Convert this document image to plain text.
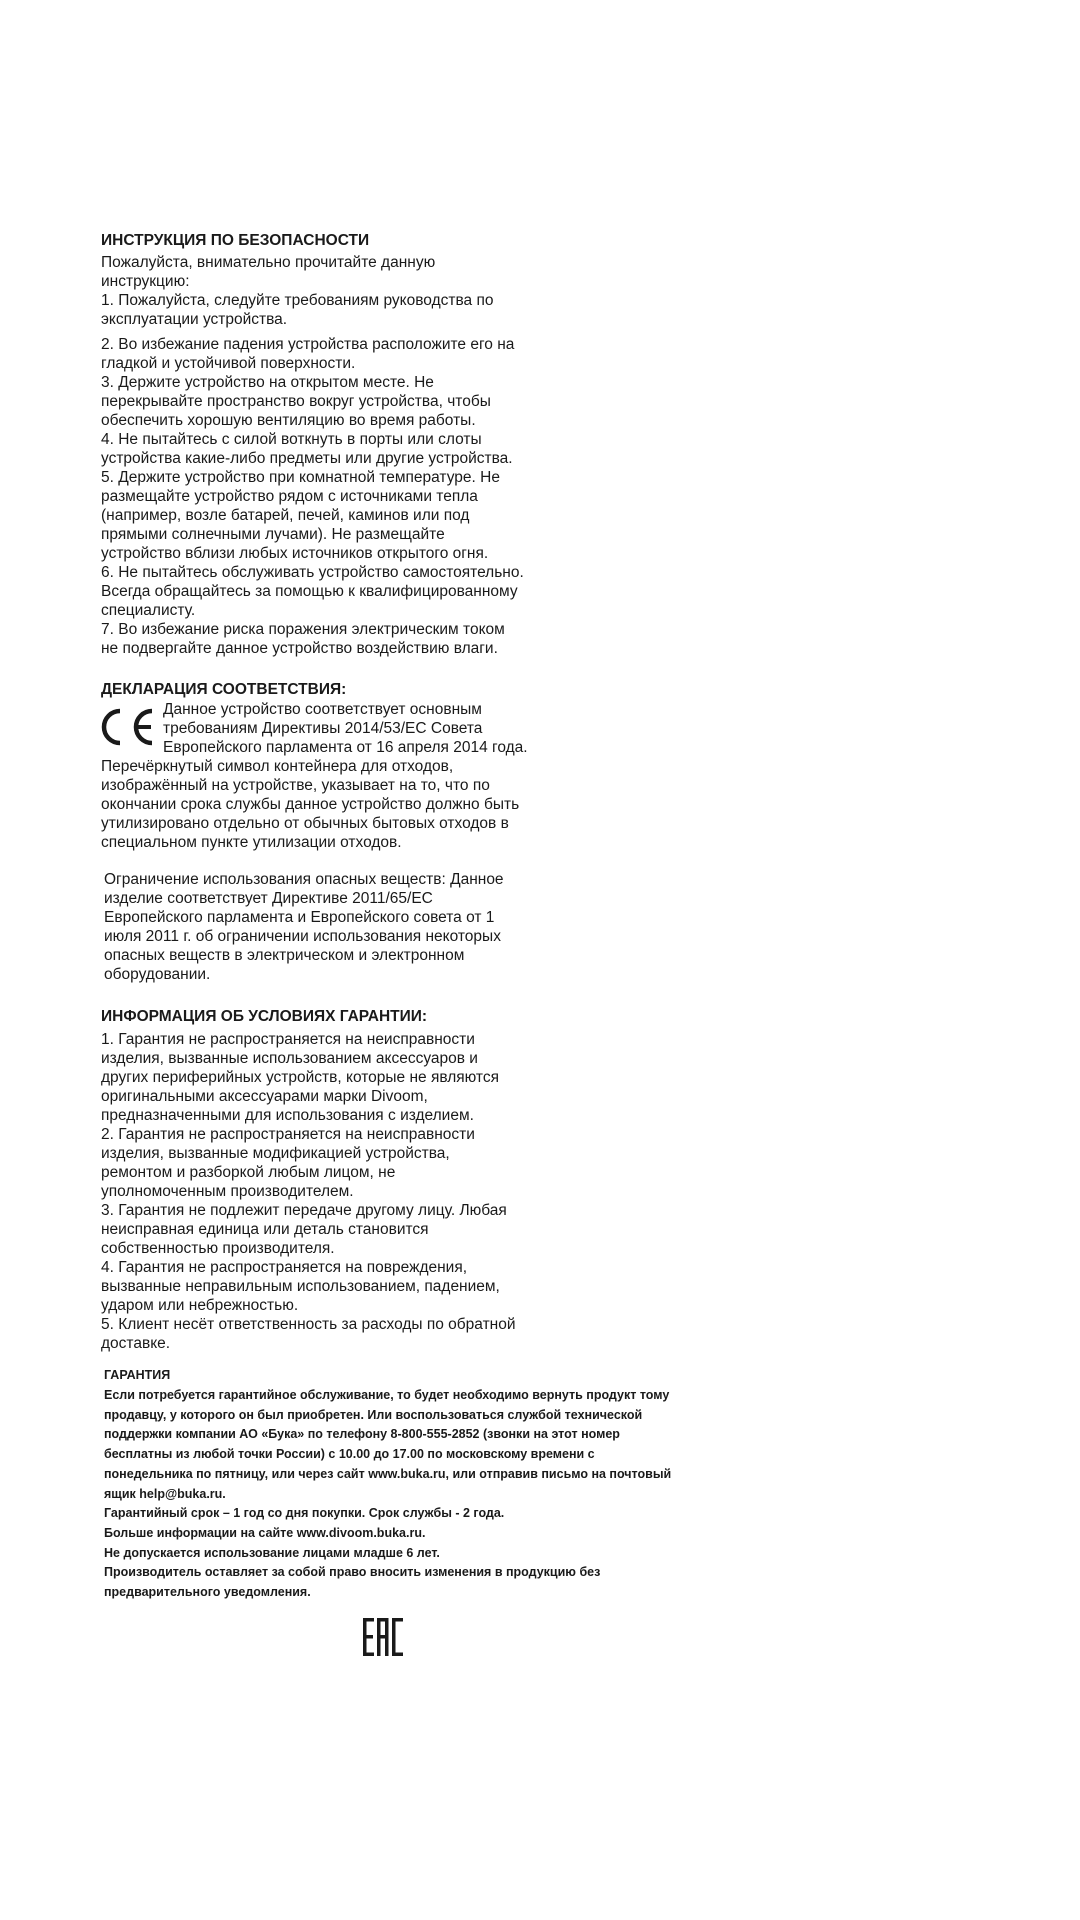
ИНСТРУКЦИЯ ПО БЕЗОПАСНОСТИ
Пожалуйста, внимательно прочитайте данную
инструкцию:
1. Пожалуйста, следуйте требованиям руководства по
эксплуатации устройства.
2. Во избежание падения устройства расположите его на
гладкой и устойчивой поверхности.
3. Держите устройство на открытом месте. Не
перекрывайте пространство вокруг устройства, чтобы
обеспечить хорошую вентиляцию во время работы.
4. Не пытайтесь с силой воткнуть в порты или слоты
устройства какие-либо предметы или другие устройства.
5. Держите устройство при комнатной температуре. Не
размещайте устройство рядом с источниками тепла
(например, возле батарей, печей, каминов или под
прямыми солнечными лучами). Не размещайте
устройство вблизи любых источников открытого огня.
6. Не пытайтесь обслуживать устройство самостоятельно.
Всегда обращайтесь за помощью к квалифицированному
специалисту.
7. Во избежание риска поражения электрическим током
не подвергайте данное устройство воздействию влаги.
ДЕКЛАРАЦИЯ СООТВЕТСТВИЯ:
Данное устройство соответствует основным
требованиям Директивы 2014/53/ЕС Совета
Европейского парламента от 16 апреля 2014 года.
Перечёркнутый символ контейнера для отходов,
изображённый на устройстве, указывает на то, что по
окончании срока службы данное устройство должно быть
утилизировано отдельно от обычных бытовых отходов в
специальном пункте утилизации отходов.
Ограничение использования опасных веществ: Данное
изделие соответствует Директиве 2011/65/EC
Европейского парламента и Европейского совета от 1
июля 2011 г. об ограничении использования некоторых
опасных веществ в электрическом и электронном
оборудовании.
ИНФОРМАЦИЯ ОБ УСЛОВИЯХ ГАРАНТИИ:
1. Гарантия не распространяется на неисправности
изделия, вызванные использованием аксессуаров и
других периферийных устройств, которые не являются
оригинальными аксессуарами марки Divoom,
предназначенными для использования с изделием.
2. Гарантия не распространяется на неисправности
изделия, вызванные модификацией устройства,
ремонтом и разборкой любым лицом, не
уполномоченным производителем.
3. Гарантия не подлежит передаче другому лицу. Любая
неисправная единица или деталь становится
собственностью производителя.
4. Гарантия не распространяется на повреждения,
вызванные неправильным использованием, падением,
ударом или небрежностью.
5. Клиент несёт ответственность за расходы по обратной
доставке.
ГАРАНТИЯ
Если потребуется гарантийное обслуживание, то будет необходимо вернуть продукт тому
продавцу, у которого он был приобретен. Или воспользоваться службой технической
поддержки компании АО «Бука» по телефону 8-800-555-2852 (звонки на этот номер
бесплатны из любой точки России) с 10.00 до 17.00 по московскому времени с
понедельника по пятницу, или через сайт www.buka.ru, или отправив письмо на почтовый
ящик help@buka.ru.
Гарантийный срок – 1 год со дня покупки. Срок службы - 2 года.
Больше информации на сайте www.divoom.buka.ru.
Не допускается использование лицами младше 6 лет.
Производитель оставляет за собой право вносить изменения в продукцию без
предварительного уведомления.
